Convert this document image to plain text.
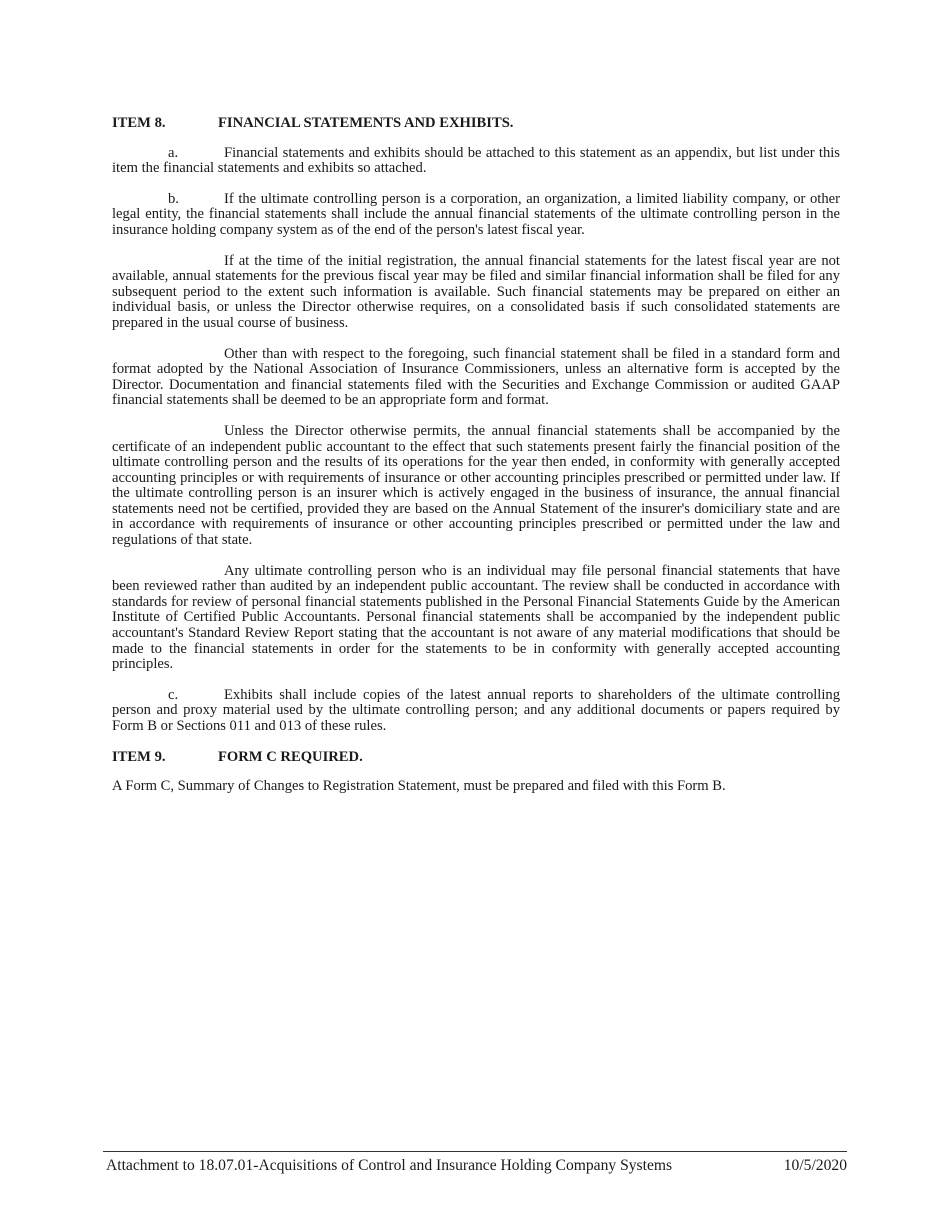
ITEM 8.	FINANCIAL STATEMENTS AND EXHIBITS.

a.	Financial statements and exhibits should be attached to this statement as an appendix, but list under this item the financial statements and exhibits so attached.

b.	If the ultimate controlling person is a corporation, an organization, a limited liability company, or other legal entity, the financial statements shall include the annual financial statements of the ultimate controlling person in the insurance holding company system as of the end of the person's latest fiscal year.

If at the time of the initial registration, the annual financial statements for the latest fiscal year are not available, annual statements for the previous fiscal year may be filed and similar financial information shall be filed for any subsequent period to the extent such information is available. Such financial statements may be prepared on either an individual basis, or unless the Director otherwise requires, on a consolidated basis if such consolidated statements are prepared in the usual course of business.

Other than with respect to the foregoing, such financial statement shall be filed in a standard form and format adopted by the National Association of Insurance Commissioners, unless an alternative form is accepted by the Director. Documentation and financial statements filed with the Securities and Exchange Commission or audited GAAP financial statements shall be deemed to be an appropriate form and format.

Unless the Director otherwise permits, the annual financial statements shall be accompanied by the certificate of an independent public accountant to the effect that such statements present fairly the financial position of the ultimate controlling person and the results of its operations for the year then ended, in conformity with generally accepted accounting principles or with requirements of insurance or other accounting principles prescribed or permitted under law. If the ultimate controlling person is an insurer which is actively engaged in the business of insurance, the annual financial statements need not be certified, provided they are based on the Annual Statement of the insurer's domiciliary state and are in accordance with requirements of insurance or other accounting principles prescribed or permitted under the law and regulations of that state.

Any ultimate controlling person who is an individual may file personal financial statements that have been reviewed rather than audited by an independent public accountant. The review shall be conducted in accordance with standards for review of personal financial statements published in the Personal Financial Statements Guide by the American Institute of Certified Public Accountants. Personal financial statements shall be accompanied by the independent public accountant's Standard Review Report stating that the accountant is not aware of any material modifications that should be made to the financial statements in order for the statements to be in conformity with generally accepted accounting principles.

c.	Exhibits shall include copies of the latest annual reports to shareholders of the ultimate controlling person and proxy material used by the ultimate controlling person; and any additional documents or papers required by Form B or Sections 011 and 013 of these rules.

ITEM 9.	FORM C REQUIRED.

A Form C, Summary of Changes to Registration Statement, must be prepared and filed with this Form B.

Attachment to 18.07.01-Acquisitions of Control and Insurance Holding Company Systems	10/5/2020
